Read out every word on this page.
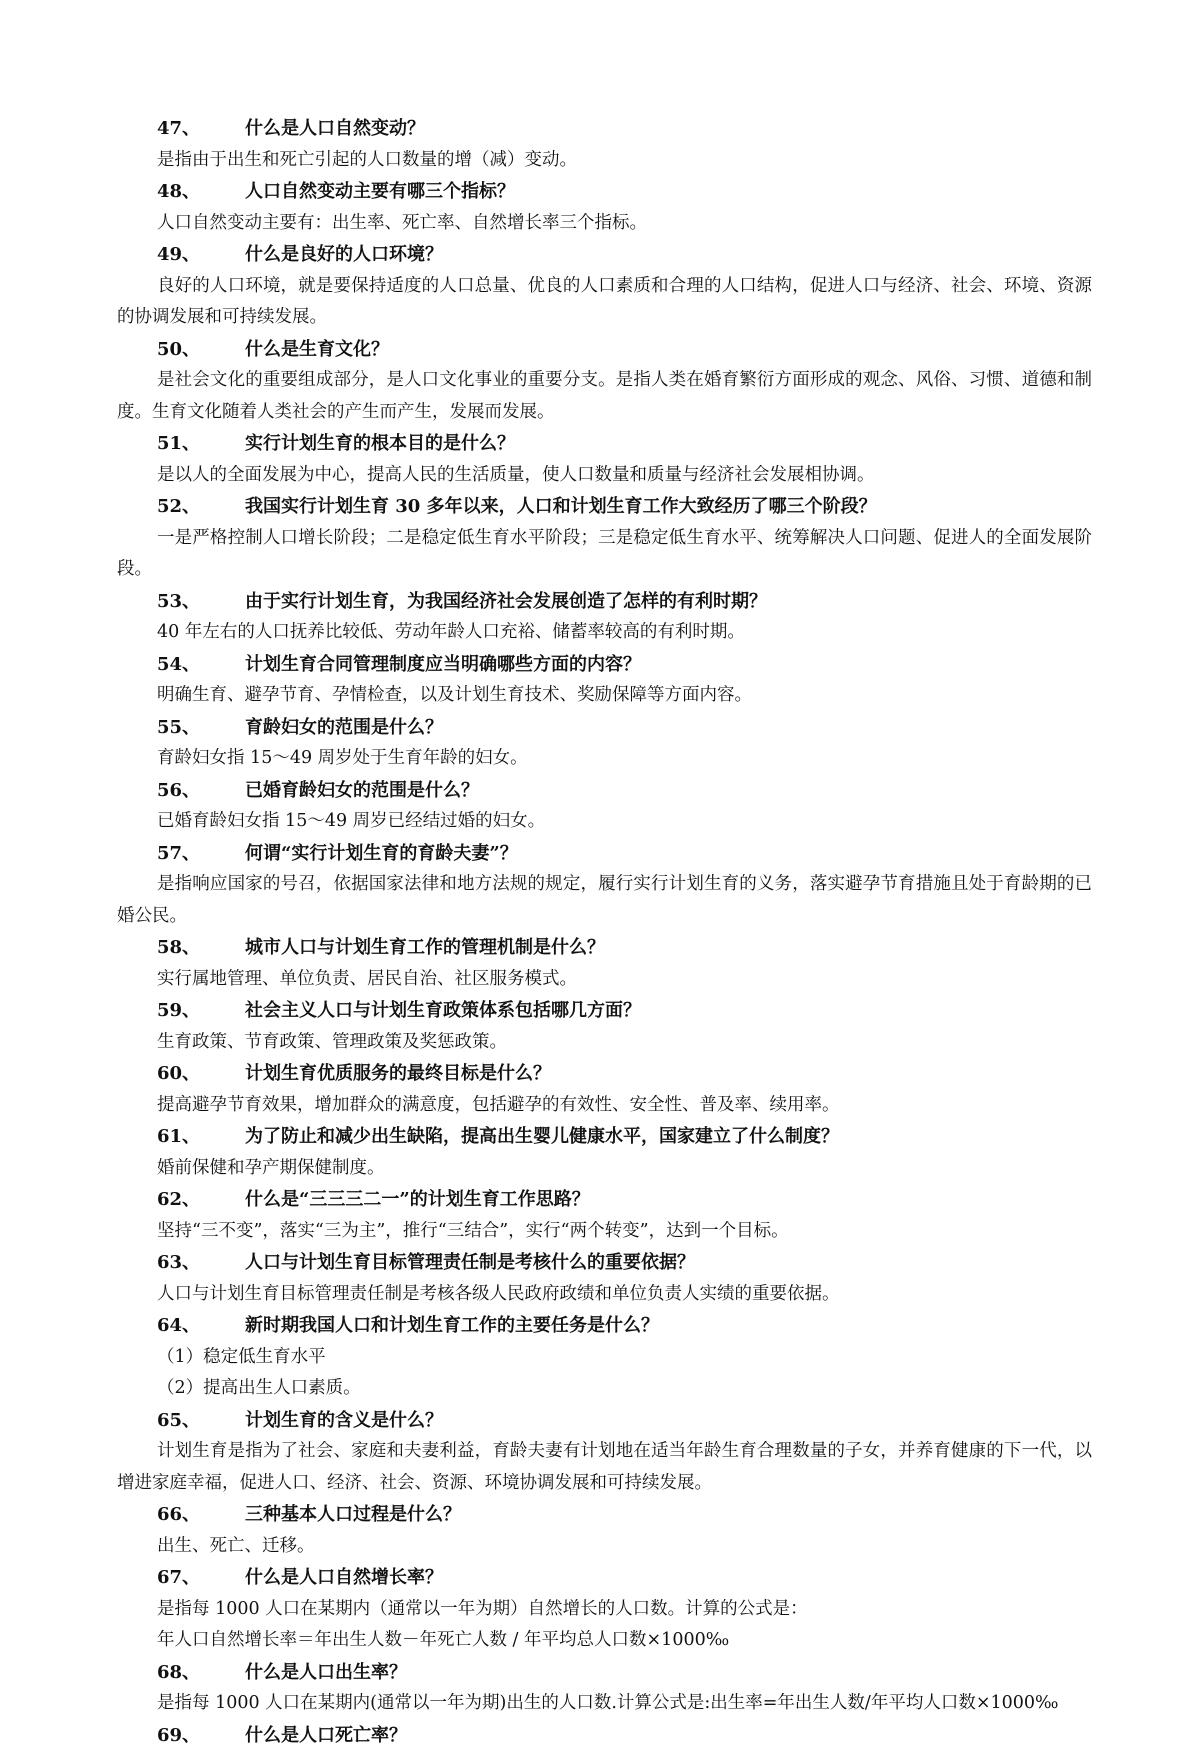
47、 什么是人口自然变动？
是指由于出生和死亡引起的人口数量的增（减）变动。
48、 人口自然变动主要有哪三个指标？
人口自然变动主要有：出生率、死亡率、自然增长率三个指标。
49、 什么是良好的人口环境？
良好的人口环境，就是要保持适度的人口总量、优良的人口素质和合理的人口结构，促进人口与经济、社会、环境、资源的协调发展和可持续发展。
50、 什么是生育文化？
是社会文化的重要组成部分，是人口文化事业的重要分支。是指人类在婚育繁衍方面形成的观念、风俗、习惯、道德和制度。生育文化随着人类社会的产生而产生，发展而发展。
51、 实行计划生育的根本目的是什么？
是以人的全面发展为中心，提高人民的生活质量，使人口数量和质量与经济社会发展相协调。
52、 我国实行计划生育 30 多年以来，人口和计划生育工作大致经历了哪三个阶段？
一是严格控制人口增长阶段；二是稳定低生育水平阶段；三是稳定低生育水平、统筹解决人口问题、促进人的全面发展阶段。
53、 由于实行计划生育，为我国经济社会发展创造了怎样的有利时期？
40 年左右的人口抚养比较低、劳动年龄人口充裕、储蓄率较高的有利时期。
54、 计划生育合同管理制度应当明确哪些方面的内容？
明确生育、避孕节育、孕情检查，以及计划生育技术、奖励保障等方面内容。
55、 育龄妇女的范围是什么？
育龄妇女指 15～49 周岁处于生育年龄的妇女。
56、 已婚育龄妇女的范围是什么？
已婚育龄妇女指 15～49 周岁已经结过婚的妇女。
57、 何谓“实行计划生育的育龄夫妻”？
是指响应国家的号召，依据国家法律和地方法规的规定，履行实行计划生育的义务，落实避孕节育措施且处于育龄期的已婚公民。
58、 城市人口与计划生育工作的管理机制是什么？
实行属地管理、单位负责、居民自治、社区服务模式。
59、 社会主义人口与计划生育政策体系包括哪几方面？
生育政策、节育政策、管理政策及奖惩政策。
60、 计划生育优质服务的最终目标是什么？
提高避孕节育效果，增加群众的满意度，包括避孕的有效性、安全性、普及率、续用率。
61、 为了防止和减少出生缺陷，提高出生婴儿健康水平，国家建立了什么制度？
婚前保健和孕产期保健制度。
62、 什么是“三三三二一”的计划生育工作思路？
坚持“三不变”，落实“三为主”，推行“三结合”，实行“两个转变”，达到一个目标。
63、 人口与计划生育目标管理责任制是考核什么的重要依据？
人口与计划生育目标管理责任制是考核各级人民政府政绩和单位负责人实绩的重要依据。
64、 新时期我国人口和计划生育工作的主要任务是什么？
（1）稳定低生育水平
（2）提高出生人口素质。
65、 计划生育的含义是什么？
计划生育是指为了社会、家庭和夫妻利益，育龄夫妻有计划地在适当年龄生育合理数量的子女，并养育健康的下一代，以增进家庭幸福，促进人口、经济、社会、资源、环境协调发展和可持续发展。
66、 三种基本人口过程是什么？
出生、死亡、迁移。
67、 什么是人口自然增长率？
是指每 1000 人口在某期内（通常以一年为期）自然增长的人口数。计算的公式是：
年人口自然增长率＝年出生人数－年死亡人数 / 年平均总人口数×1000‰
68、 什么是人口出生率？
是指每 1000 人口在某期内(通常以一年为期)出生的人口数.计算公式是:出生率=年出生人数/年平均人口数×1000‰
69、 什么是人口死亡率？
